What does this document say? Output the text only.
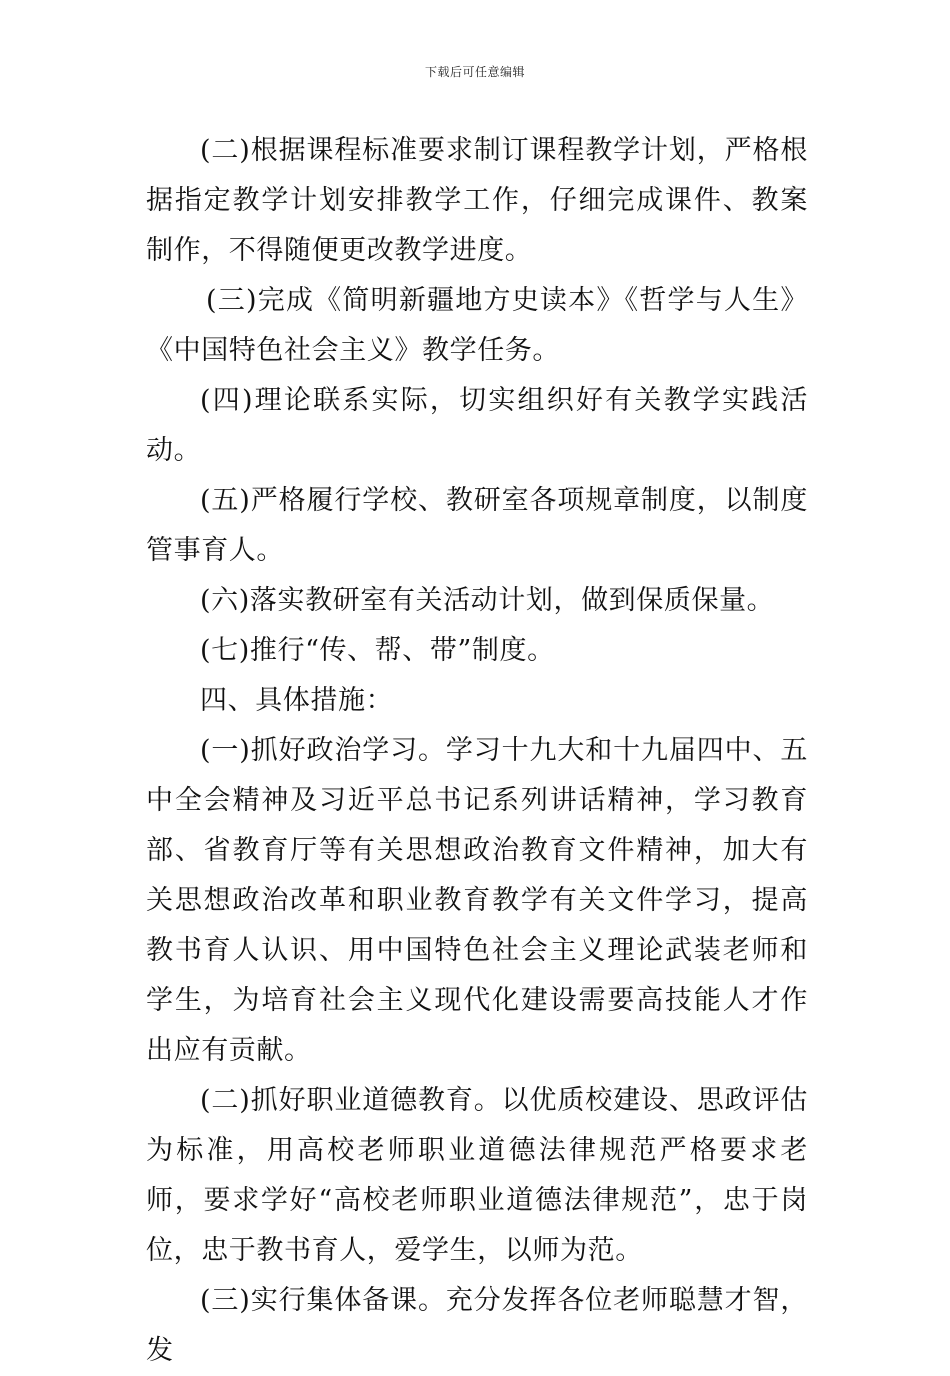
下载后可任意编辑

(二)根据课程标准要求制订课程教学计划，严格根据指定教学计划安排教学工作，仔细完成课件、教案制作，不得随便更改教学进度。

(三)完成《简明新疆地方史读本》《哲学与人生》《中国特色社会主义》教学任务。

(四)理论联系实际，切实组织好有关教学实践活动。

(五)严格履行学校、教研室各项规章制度，以制度管事育人。

(六)落实教研室有关活动计划，做到保质保量。

(七)推行“传、帮、带”制度。

四、具体措施：

(一)抓好政治学习。学习十九大和十九届四中、五中全会精神及习近平总书记系列讲话精神，学习教育部、省教育厅等有关思想政治教育文件精神，加大有关思想政治改革和职业教育教学有关文件学习，提高教书育人认识、用中国特色社会主义理论武装老师和学生，为培育社会主义现代化建设需要高技能人才作出应有贡献。

(二)抓好职业道德教育。以优质校建设、思政评估为标准，用高校老师职业道德法律规范严格要求老师，要求学好“高校老师职业道德法律规范”，忠于岗位，忠于教书育人，爱学生，以师为范。

(三)实行集体备课。充分发挥各位老师聪慧才智，发
